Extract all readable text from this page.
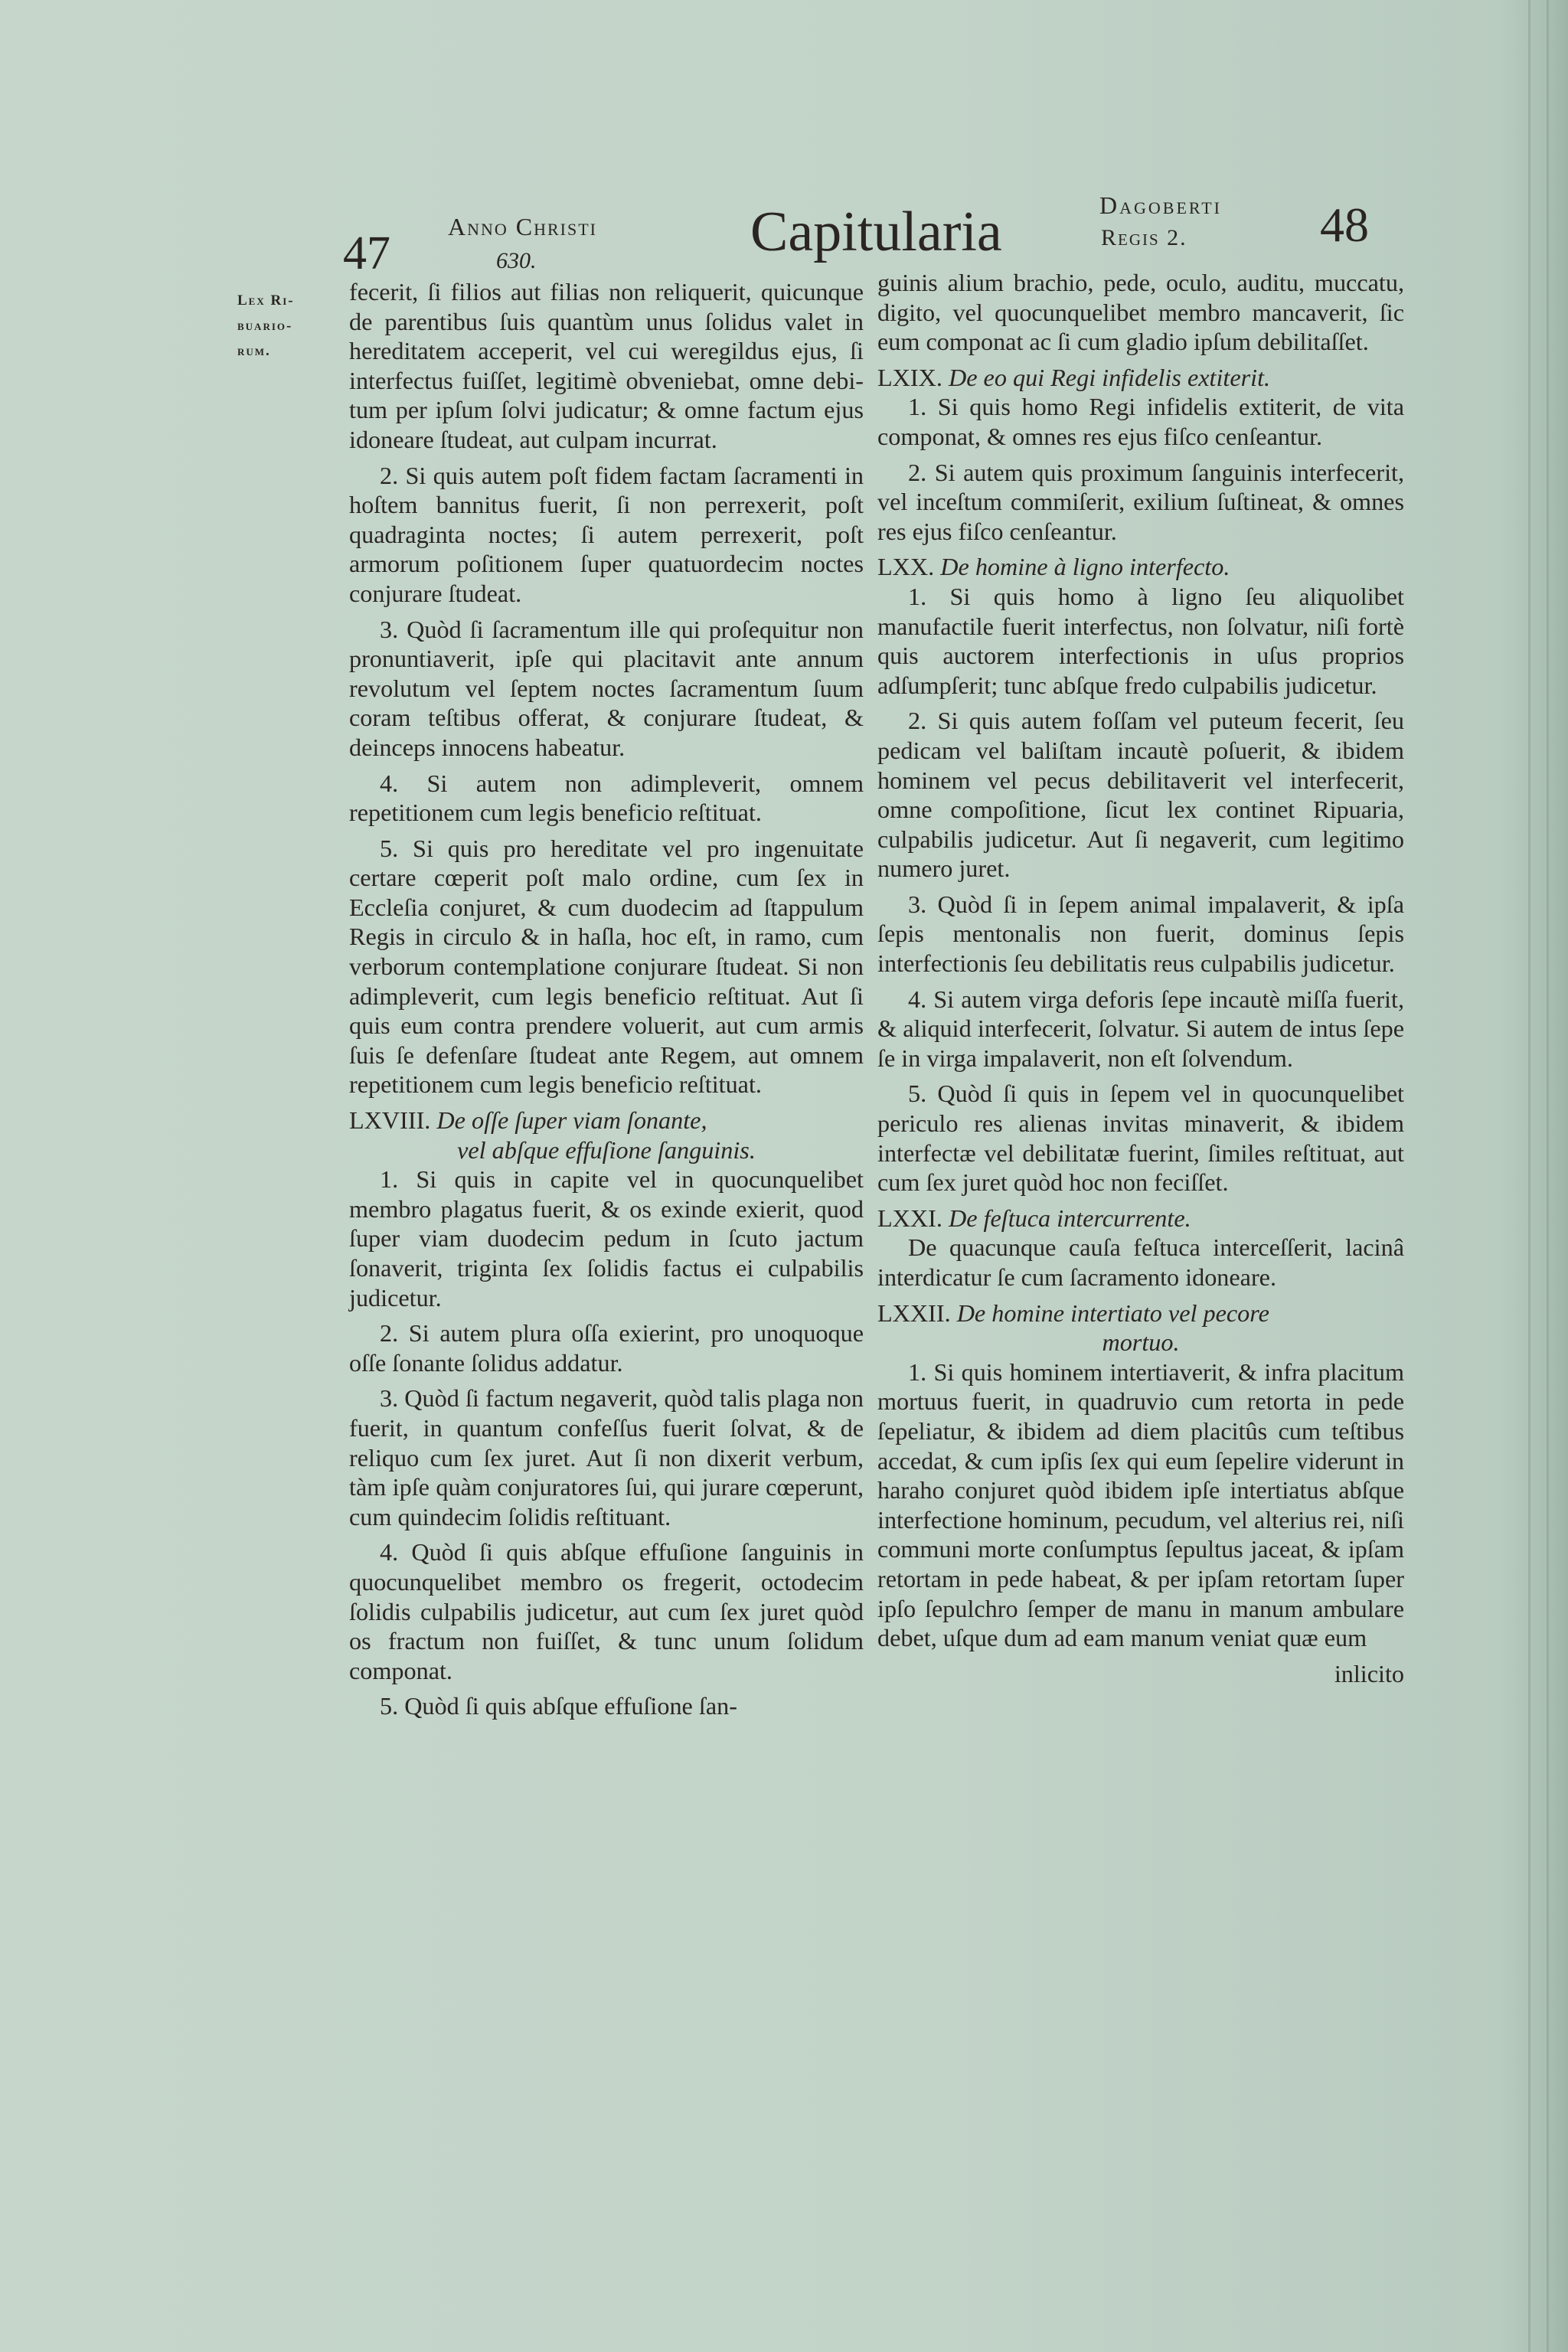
47
Anno Christi
630.	Capitularia	Dagoberti
Regis 2.	48
Lex Ri-
buario-
rum.

fecerit, ſi filios aut filias non reliquerit, quicunque de parentibus ſuis quantùm unus ſolidus valet in hereditatem acceperit, vel cui weregildus ejus, ſi interfectus fuiſſet, legitimè obveniebat, omne debitum per ipſum ſolvi judicatur; & omne factum ejus idoneare ſtudeat, aut culpam incurrat.

2. Si quis autem poſt fidem factam ſacramenti in hoſtem bannitus fuerit, ſi non perrexerit, poſt quadraginta noctes; ſi autem perrexerit, poſt armorum poſitionem ſuper quatuordecim noctes conjurare ſtudeat.

3. Quòd ſi ſacramentum ille qui proſequitur non pronuntiaverit, ipſe qui placitavit ante annum revolutum vel ſeptem noctes ſacramentum ſuum coram teſtibus offerat, & conjurare ſtudeat, & deinceps innocens habeatur.

4. Si autem non adimpleverit, omnem repetitionem cum legis beneficio reſtituat.

5. Si quis pro hereditate vel pro ingenuitate certare cœperit poſt malo ordine, cum ſex in Eccleſia conjuret, & cum duodecim ad ſtappulum Regis in circulo & in haſla, hoc eſt, in ramo, cum verborum contemplatione conjurare ſtudeat. Si non adimpleverit, cum legis beneficio reſtituat. Aut ſi quis eum contra prendere voluerit, aut cum armis ſuis ſe defenſare ſtudeat ante Regem, aut omnem repetitionem cum legis beneficio reſtituat.

LXVIII. De oſſe ſuper viam ſonante,
vel abſque effuſione ſanguinis.

1. Si quis in capite vel in quocunquelibet membro plagatus fuerit, & os exinde exierit, quod ſuper viam duodecim pedum in ſcuto jactum ſonaverit, triginta ſex ſolidis factus ei culpabilis judicetur.

2. Si autem plura oſſa exierint, pro unoquoque oſſe ſonante ſolidus addatur.

3. Quòd ſi factum negaverit, quòd talis plaga non fuerit, in quantum confeſſus fuerit ſolvat, & de reliquo cum ſex juret. Aut ſi non dixerit verbum, tàm ipſe quàm conjuratores ſui, qui jurare cœperunt, cum quindecim ſolidis reſtituant.

4. Quòd ſi quis abſque effuſione ſanguinis in quocunquelibet membro os fregerit, octodecim ſolidis culpabilis judicetur, aut cum ſex juret quòd os fractum non fuiſſet, & tunc unum ſolidum componat.

5. Quòd ſi quis abſque effuſione ſan-

guinis alium brachio, pede, oculo, auditu, muccatu, digito, vel quocunquelibet membro mancaverit, ſic eum componat ac ſi cum gladio ipſum debilitaſſet.

LXIX. De eo qui Regi infidelis extiterit.

1. Si quis homo Regi infidelis extiterit, de vita componat, & omnes res ejus fiſco cenſeantur.

2. Si autem quis proximum ſanguinis interfecerit, vel inceſtum commiſerit, exilium ſuſtineat, & omnes res ejus fiſco cenſeantur.

LXX. De homine à ligno interfecto.

1. Si quis homo à ligno ſeu aliquolibet manufactile fuerit interfectus, non ſolvatur, niſi fortè quis auctorem interfectionis in uſus proprios adſumpſerit; tunc abſque fredo culpabilis judicetur.

2. Si quis autem foſſam vel puteum fecerit, ſeu pedicam vel baliſtam incautè poſuerit, & ibidem hominem vel pecus debilitaverit vel interfecerit, omne compoſitione, ſicut lex continet Ripuaria, culpabilis judicetur. Aut ſi negaverit, cum legitimo numero juret.

3. Quòd ſi in ſepem animal impalaverit, & ipſa ſepis mentonalis non fuerit, dominus ſepis interfectionis ſeu debilitatis reus culpabilis judicetur.

4. Si autem virga deforis ſepe incautè miſſa fuerit, & aliquid interfecerit, ſolvatur. Si autem de intus ſepe ſe in virga impalaverit, non eſt ſolvendum.

5. Quòd ſi quis in ſepem vel in quocunquelibet periculo res alienas invitas minaverit, & ibidem interfectæ vel debilitatæ fuerint, ſimiles reſtituat, aut cum ſex juret quòd hoc non feciſſet.

LXXI. De feſtuca intercurrente.

De quacunque cauſa feſtuca interceſſerit, lacinâ interdicatur ſe cum ſacramento idoneare.

LXXII. De homine intertiato vel pecore
mortuo.

1. Si quis hominem intertiaverit, & infra placitum mortuus fuerit, in quadruvio cum retorta in pede ſepeliatur, & ibidem ad diem placitûs cum teſtibus accedat, & cum ipſis ſex qui eum ſepelire viderunt in haraho conjuret quòd ibidem ipſe intertiatus abſque interfectione hominum, pecudum, vel alterius rei, niſi communi morte conſumptus ſepultus jaceat, & ipſam retortam in pede habeat, & per ipſam retortam ſuper ipſo ſepulchro ſemper de manu in manum ambulare debet, uſque dum ad eam manum veniat quæ eum

inlicito
